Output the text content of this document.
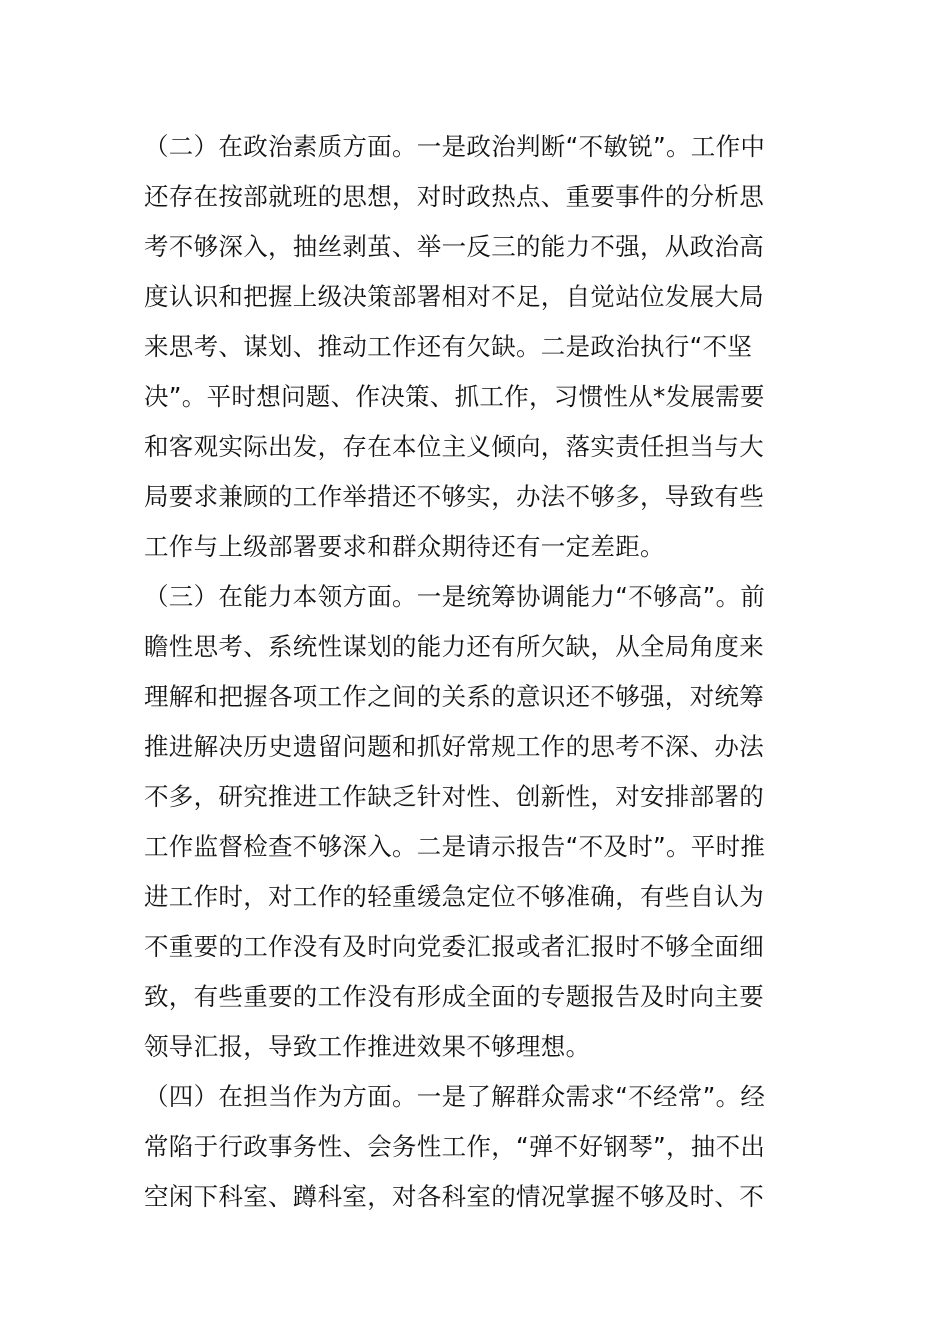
（二）在政治素质方面。一是政治判断“不敏锐”。工作中
还存在按部就班的思想，对时政热点、重要事件的分析思
考不够深入，抽丝剥茧、举一反三的能力不强，从政治高
度认识和把握上级决策部署相对不足，自觉站位发展大局
来思考、谋划、推动工作还有欠缺。二是政治执行“不坚
决”。平时想问题、作决策、抓工作，习惯性从*发展需要
和客观实际出发，存在本位主义倾向，落实责任担当与大
局要求兼顾的工作举措还不够实，办法不够多，导致有些
工作与上级部署要求和群众期待还有一定差距。
（三）在能力本领方面。一是统筹协调能力“不够高”。前
瞻性思考、系统性谋划的能力还有所欠缺，从全局角度来
理解和把握各项工作之间的关系的意识还不够强，对统筹
推进解决历史遗留问题和抓好常规工作的思考不深、办法
不多，研究推进工作缺乏针对性、创新性，对安排部署的
工作监督检查不够深入。二是请示报告“不及时”。平时推
进工作时，对工作的轻重缓急定位不够准确，有些自认为
不重要的工作没有及时向党委汇报或者汇报时不够全面细
致，有些重要的工作没有形成全面的专题报告及时向主要
领导汇报，导致工作推进效果不够理想。
（四）在担当作为方面。一是了解群众需求“不经常”。经
常陷于行政事务性、会务性工作，“弹不好钢琴”，抽不出
空闲下科室、蹲科室，对各科室的情况掌握不够及时、不
